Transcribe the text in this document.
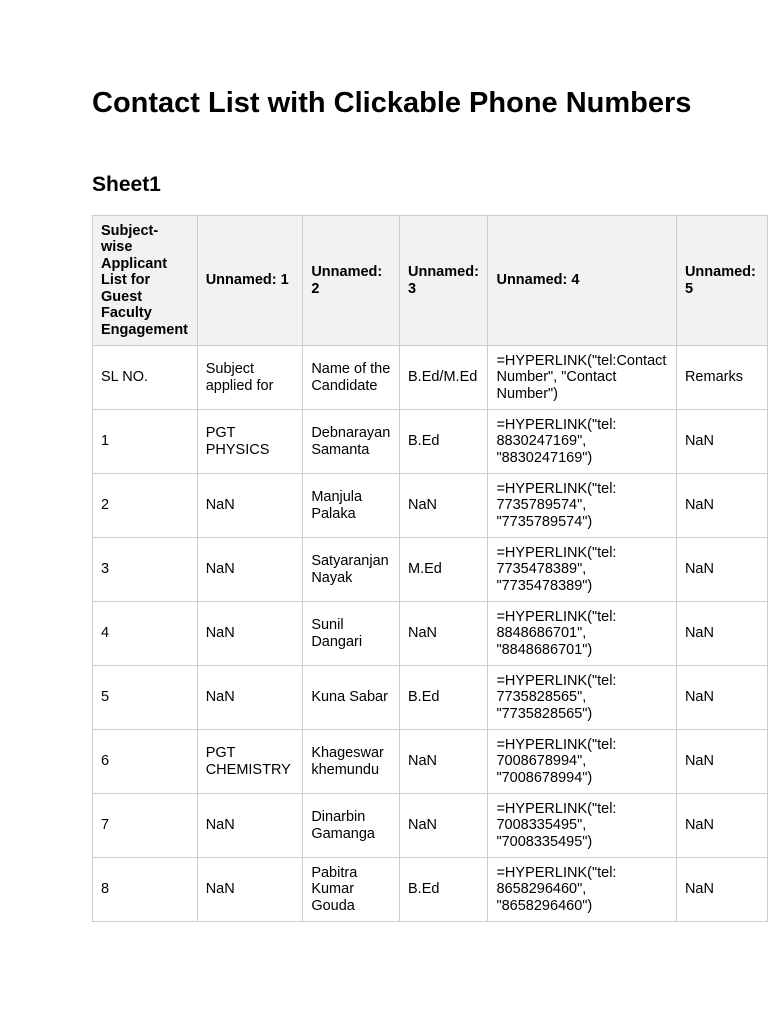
Contact List with Clickable Phone Numbers
Sheet1
Subject-wise Applicant List for Guest Faculty Engagement	Unnamed: 1	Unnamed: 2	Unnamed: 3	Unnamed: 4	Unnamed: 5
SL NO.	Subject applied for	Name of the Candidate	B.Ed/M.Ed	=HYPERLINK("tel:Contact Number", "Contact Number")	Remarks
1	PGT PHYSICS	Debnarayan Samanta	B.Ed	=HYPERLINK("tel: 8830247169", "8830247169")	NaN
2	NaN	Manjula Palaka	NaN	=HYPERLINK("tel: 7735789574", "7735789574")	NaN
3	NaN	Satyaranjan Nayak	M.Ed	=HYPERLINK("tel: 7735478389", "7735478389")	NaN
4	NaN	Sunil Dangari	NaN	=HYPERLINK("tel: 8848686701", "8848686701")	NaN
5	NaN	Kuna Sabar	B.Ed	=HYPERLINK("tel: 7735828565", "7735828565")	NaN
6	PGT CHEMISTRY	Khageswar khemundu	NaN	=HYPERLINK("tel: 7008678994", "7008678994")	NaN
7	NaN	Dinarbin Gamanga	NaN	=HYPERLINK("tel: 7008335495", "7008335495")	NaN
8	NaN	Pabitra Kumar Gouda	B.Ed	=HYPERLINK("tel: 8658296460", "8658296460")	NaN
